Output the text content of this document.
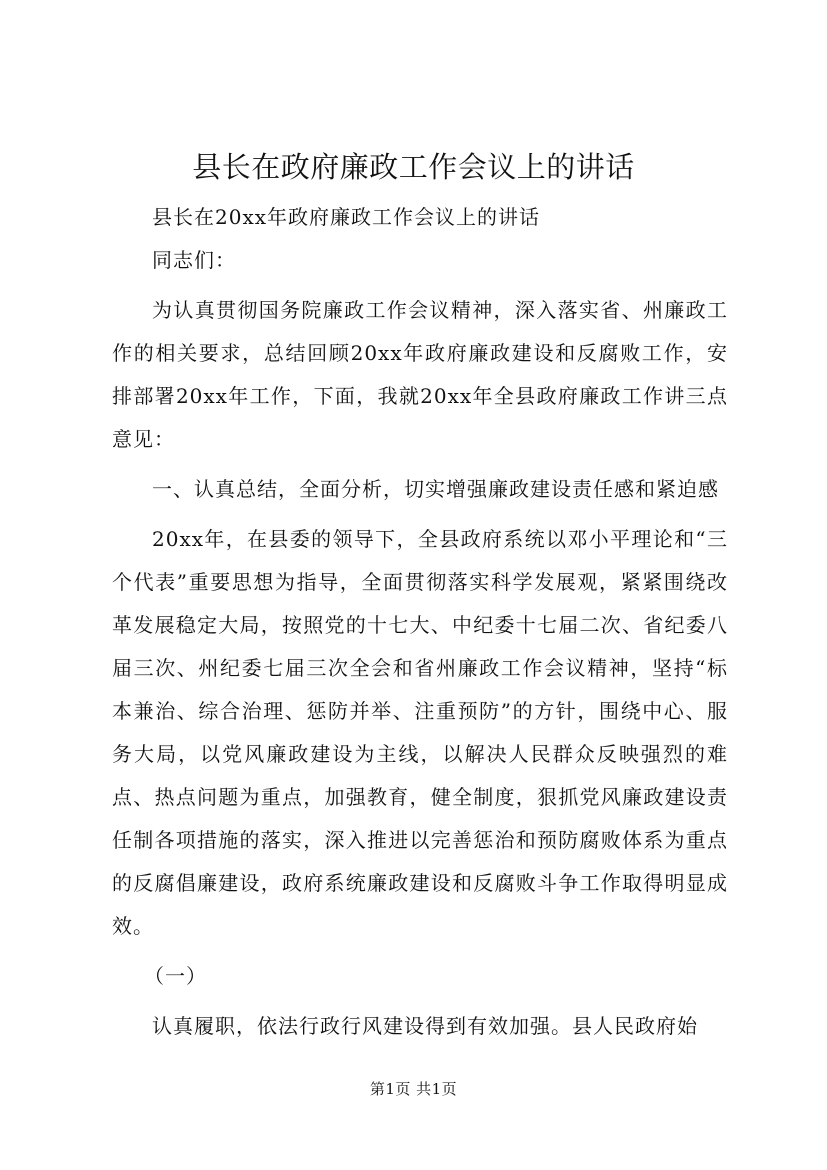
县长在政府廉政工作会议上的讲话

县长在20xx年政府廉政工作会议上的讲话

同志们：

为认真贯彻国务院廉政工作会议精神，深入落实省、州廉政工作的相关要求，总结回顾20xx年政府廉政建设和反腐败工作，安排部署20xx年工作，下面，我就20xx年全县政府廉政工作讲三点意见：

一、认真总结，全面分析，切实增强廉政建设责任感和紧迫感

20xx年，在县委的领导下，全县政府系统以邓小平理论和“三个代表”重要思想为指导，全面贯彻落实科学发展观，紧紧围绕改革发展稳定大局，按照党的十七大、中纪委十七届二次、省纪委八届三次、州纪委七届三次全会和省州廉政工作会议精神，坚持“标本兼治、综合治理、惩防并举、注重预防”的方针，围绕中心、服务大局，以党风廉政建设为主线，以解决人民群众反映强烈的难点、热点问题为重点，加强教育，健全制度，狠抓党风廉政建设责任制各项措施的落实，深入推进以完善惩治和预防腐败体系为重点的反腐倡廉建设，政府系统廉政建设和反腐败斗争工作取得明显成效。

（一）

认真履职，依法行政行风建设得到有效加强。县人民政府始

第1页 共1页
